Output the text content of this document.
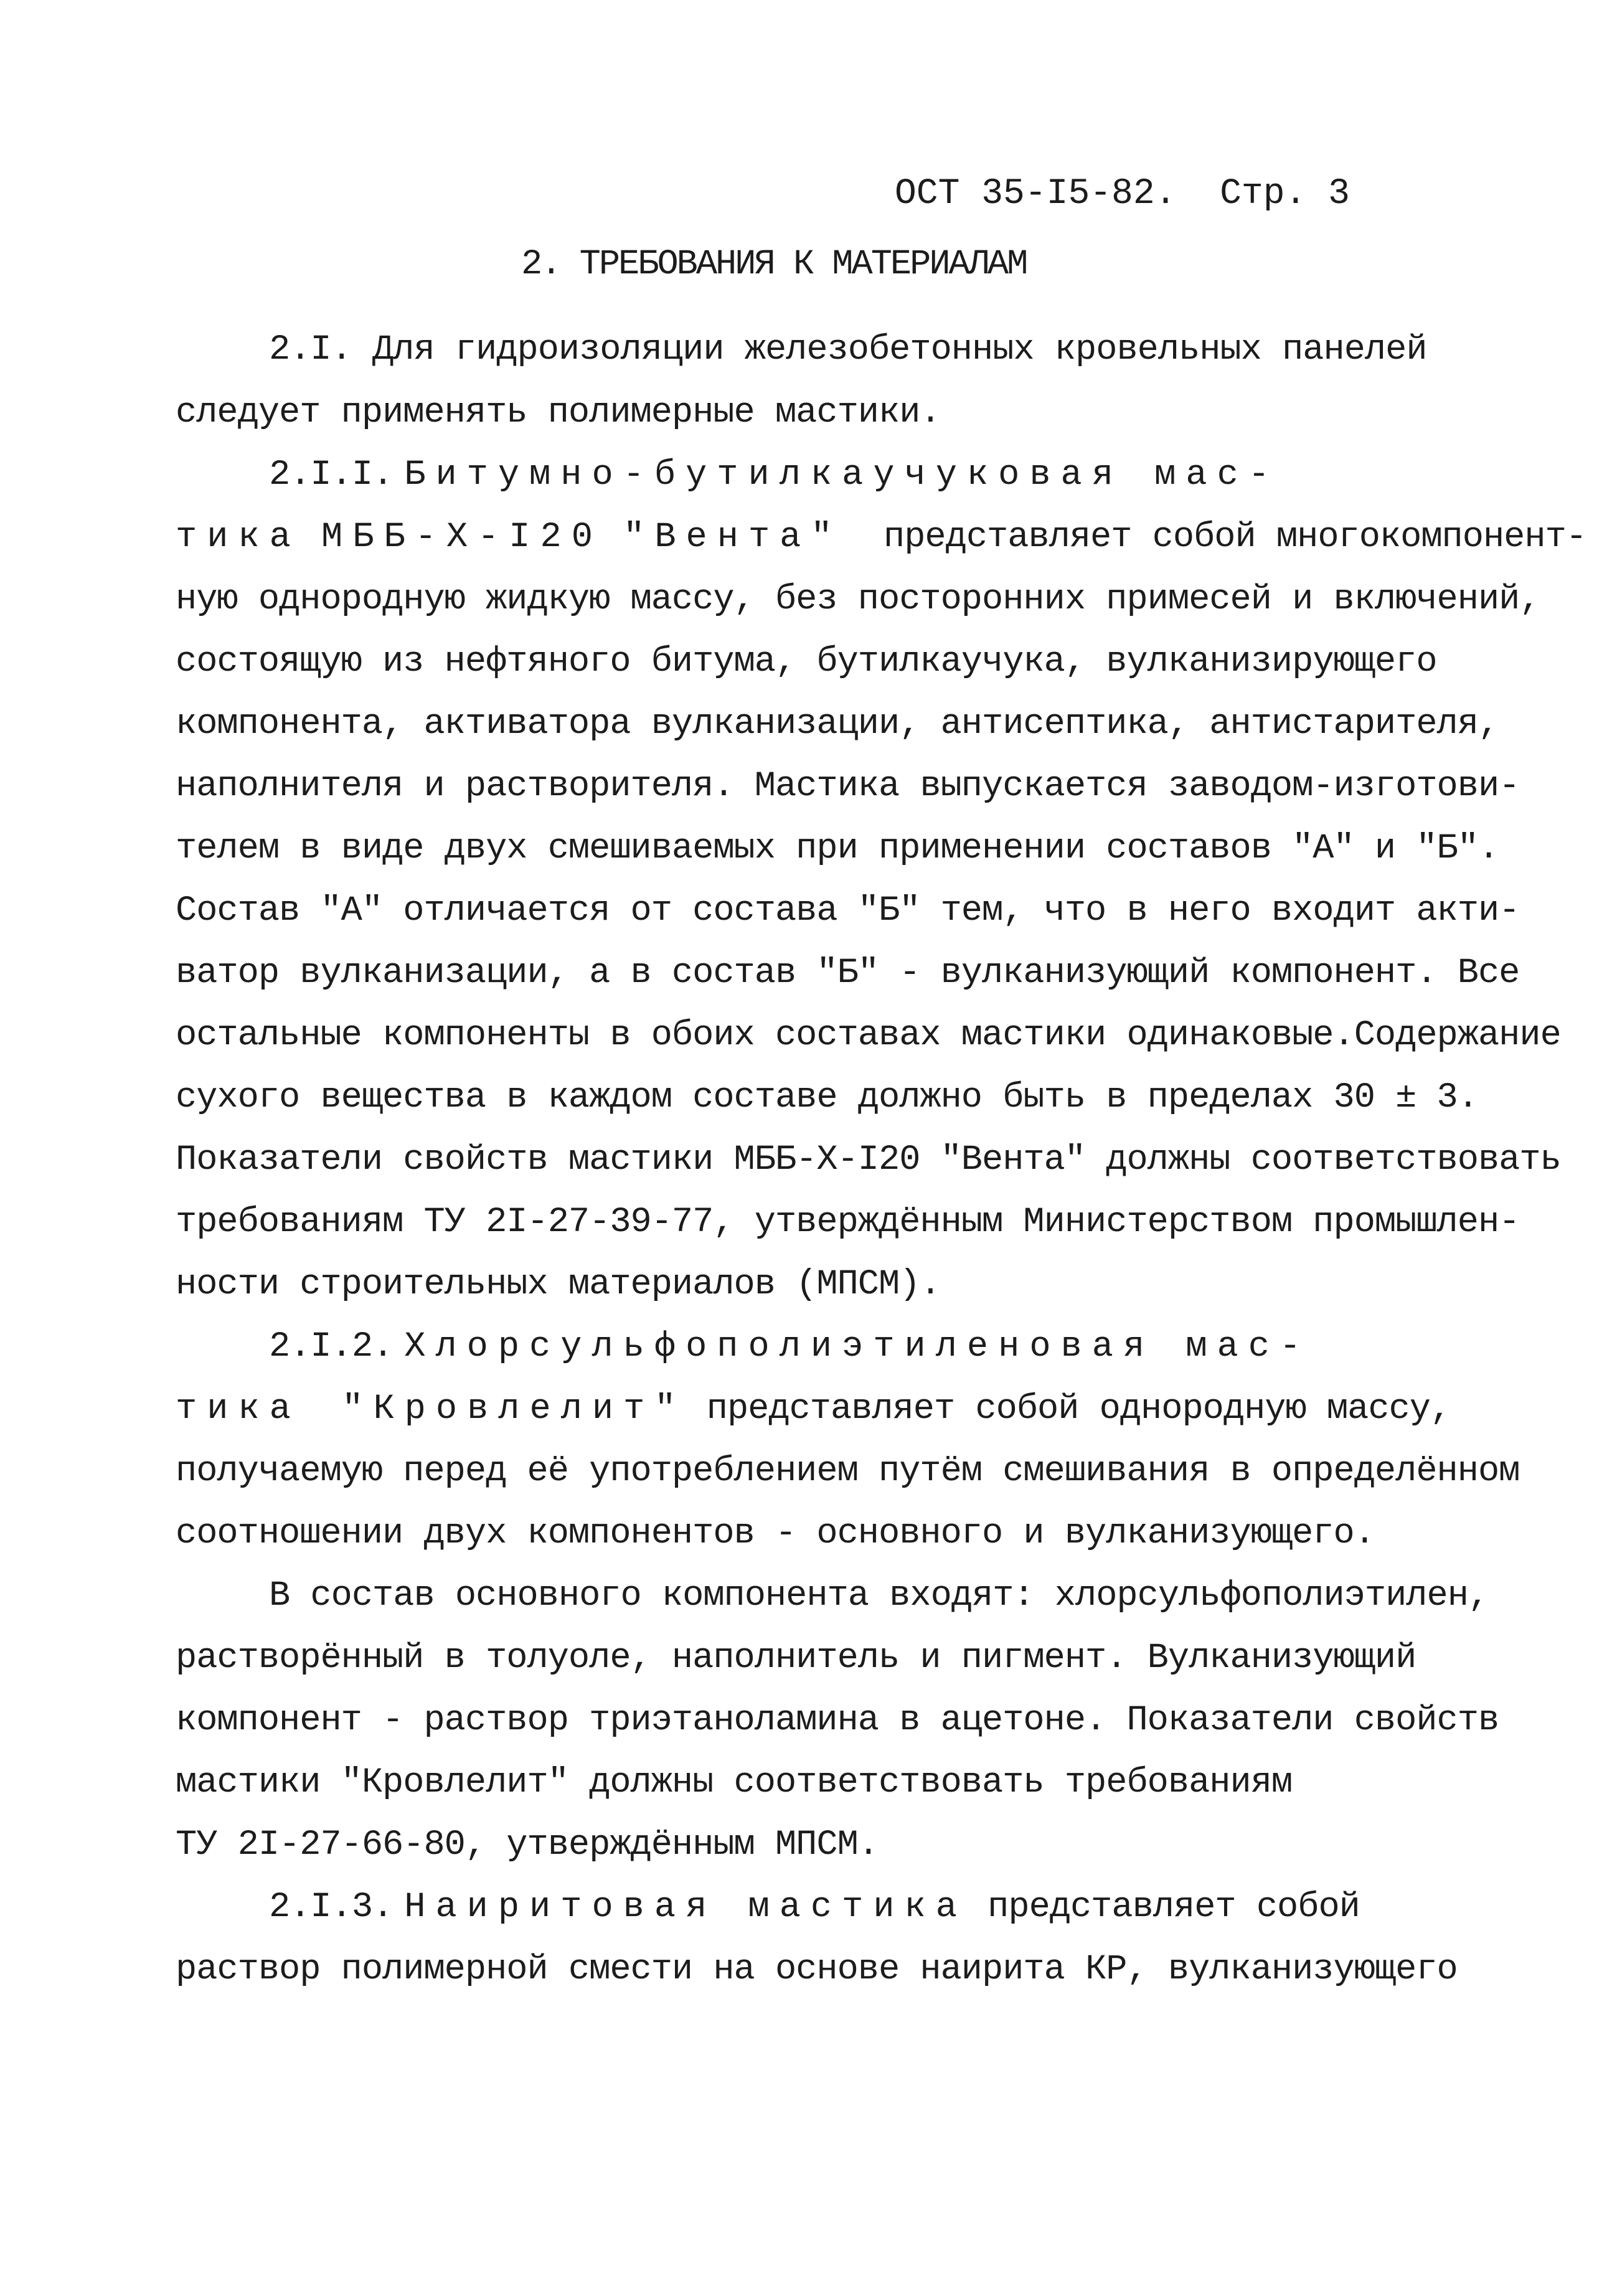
ОСТ 35-I5-82. Стр. 3
2. ТРЕБОВАНИЯ К МАТЕРИАЛАМ
2.I. Для гидроизоляции железобетонных кровельных панелей
следует применять полимерные мастики.
2.I.I. Битумно-бутилкаучуковая мас-
тика МББ-Х-I20 "Вента" представляет собой многокомпонент-
ную однородную жидкую массу, без посторонних примесей и включений,
состоящую из нефтяного битума, бутилкаучука, вулканизирующего
компонента, активатора вулканизации, антисептика, антистарителя,
наполнителя и растворителя. Мастика выпускается заводом-изготови-
телем в виде двух смешиваемых при применении составов "А" и "Б".
Состав "А" отличается от состава "Б" тем, что в него входит акти-
ватор вулканизации, а в состав "Б" - вулканизующий компонент. Все
остальные компоненты в обоих составах мастики одинаковые.Содержание
сухого вещества в каждом составе должно быть в пределах 30 ± 3.
Показатели свойств мастики МББ-Х-I20 "Вента" должны соответствовать
требованиям ТУ 2I-27-39-77, утверждённым Министерством промышлен-
ности строительных материалов (МПСМ).
2.I.2. Хлорсульфополиэтиленовая мас-
тика "Кровлелит" представляет собой однородную массу,
получаемую перед её употреблением путём смешивания в определённом
соотношении двух компонентов - основного и вулканизующего.
В состав основного компонента входят: хлорсульфополиэтилен,
растворённый в толуоле, наполнитель и пигмент. Вулканизующий
компонент - раствор триэтаноламина в ацетоне. Показатели свойств
мастики "Кровлелит" должны соответствовать требованиям
ТУ 2I-27-66-80, утверждённым МПСМ.
2.I.3. Наиритовая мастика представляет собой
раствор полимерной смести на основе наирита КР, вулканизующего
